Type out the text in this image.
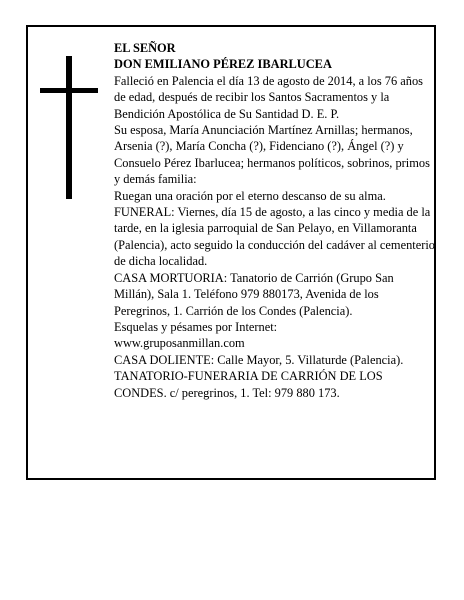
EL SEÑOR
DON EMILIANO PÉREZ IBARLUCEA
Falleció en Palencia el día 13 de agosto de 2014, a los 76 años de edad, después de recibir los Santos Sacramentos y la Bendición Apostólica de Su Santidad D. E. P.
Su esposa, María Anunciación Martínez Arnillas; hermanos, Arsenia (?), María Concha (?), Fidenciano (?), Ángel (?) y Consuelo Pérez Ibarlucea; hermanos políticos, sobrinos, primos y demás familia:
Ruegan una oración por el eterno descanso de su alma.
FUNERAL: Viernes, día 15 de agosto, a las cinco y media de la tarde, en la iglesia parroquial de San Pelayo, en Villamoranta (Palencia), acto seguido la conducción del cadáver al cementerio de dicha localidad.
CASA MORTUORIA: Tanatorio de Carrión (Grupo San Millán), Sala 1. Teléfono 979 880173, Avenida de los Peregrinos, 1. Carrión de los Condes (Palencia).
Esquelas y pésames por Internet:
www.gruposanmillan.com
CASA DOLIENTE: Calle Mayor, 5. Villaturde (Palencia).
TANATORIO-FUNERARIA DE CARRIÓN DE LOS CONDES. c/ peregrinos, 1. Tel: 979 880 173.
